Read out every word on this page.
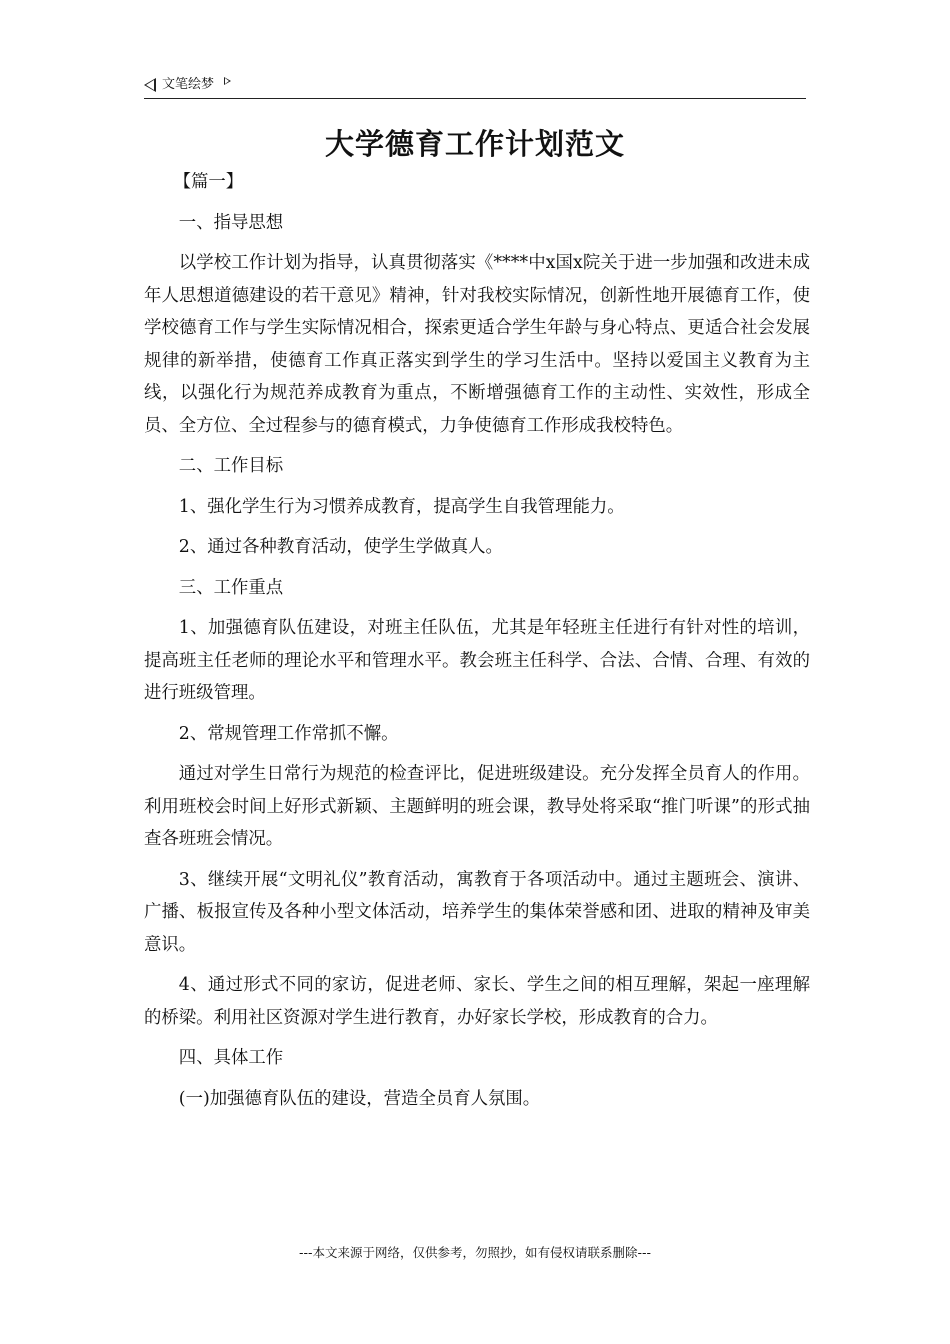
文笔绘梦
大学德育工作计划范文

【篇一】

一、指导思想

以学校工作计划为指导，认真贯彻落实《****中x国x院关于进一步加强和改进未成年人思想道德建设的若干意见》精神，针对我校实际情况，创新性地开展德育工作，使学校德育工作与学生实际情况相合，探索更适合学生年龄与身心特点、更适合社会发展规律的新举措，使德育工作真正落实到学生的学习生活中。坚持以爱国主义教育为主线，以强化行为规范养成教育为重点，不断增强德育工作的主动性、实效性，形成全员、全方位、全过程参与的德育模式，力争使德育工作形成我校特色。

二、工作目标

1、强化学生行为习惯养成教育，提高学生自我管理能力。

2、通过各种教育活动，使学生学做真人。

三、工作重点

1、加强德育队伍建设，对班主任队伍，尤其是年轻班主任进行有针对性的培训，提高班主任老师的理论水平和管理水平。教会班主任科学、合法、合情、合理、有效的进行班级管理。

2、常规管理工作常抓不懈。

通过对学生日常行为规范的检查评比，促进班级建设。充分发挥全员育人的作用。利用班校会时间上好形式新颖、主题鲜明的班会课，教导处将采取“推门听课”的形式抽查各班班会情况。

3、继续开展“文明礼仪”教育活动，寓教育于各项活动中。通过主题班会、演讲、广播、板报宣传及各种小型文体活动，培养学生的集体荣誉感和团、进取的精神及审美意识。

4、通过形式不同的家访，促进老师、家长、学生之间的相互理解，架起一座理解的桥梁。利用社区资源对学生进行教育，办好家长学校，形成教育的合力。

四、具体工作

(一)加强德育队伍的建设，营造全员育人氛围。

---本文来源于网络，仅供参考，勿照抄，如有侵权请联系删除---
